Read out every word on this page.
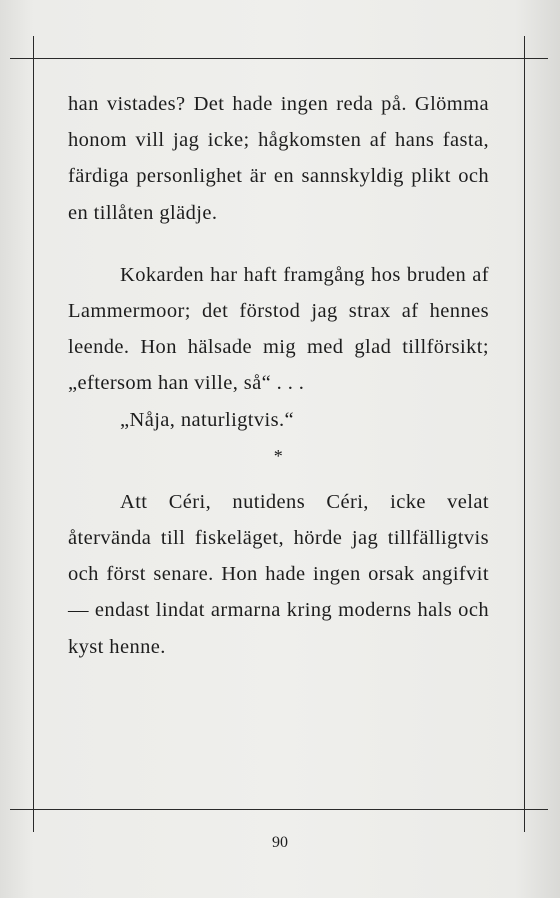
han vistades? Det hade ingen reda på. Glömma honom vill jag icke; hågkomsten af hans fasta, färdiga personlighet är en sannskyldig plikt och en tillåten glädje.

Kokarden har haft framgång hos bruden af Lammermoor; det förstod jag strax af hennes leende. Hon hälsade mig med glad tillförsikt; „eftersom han ville, så“ . . .

„Nåja, naturligtvis.“

*

Att Céri, nutidens Céri, icke velat återvända till fiskeläget, hörde jag tillfälligtvis och först senare. Hon hade ingen orsak angifvit — endast lindat armarna kring moderns hals och kyst henne.

90
